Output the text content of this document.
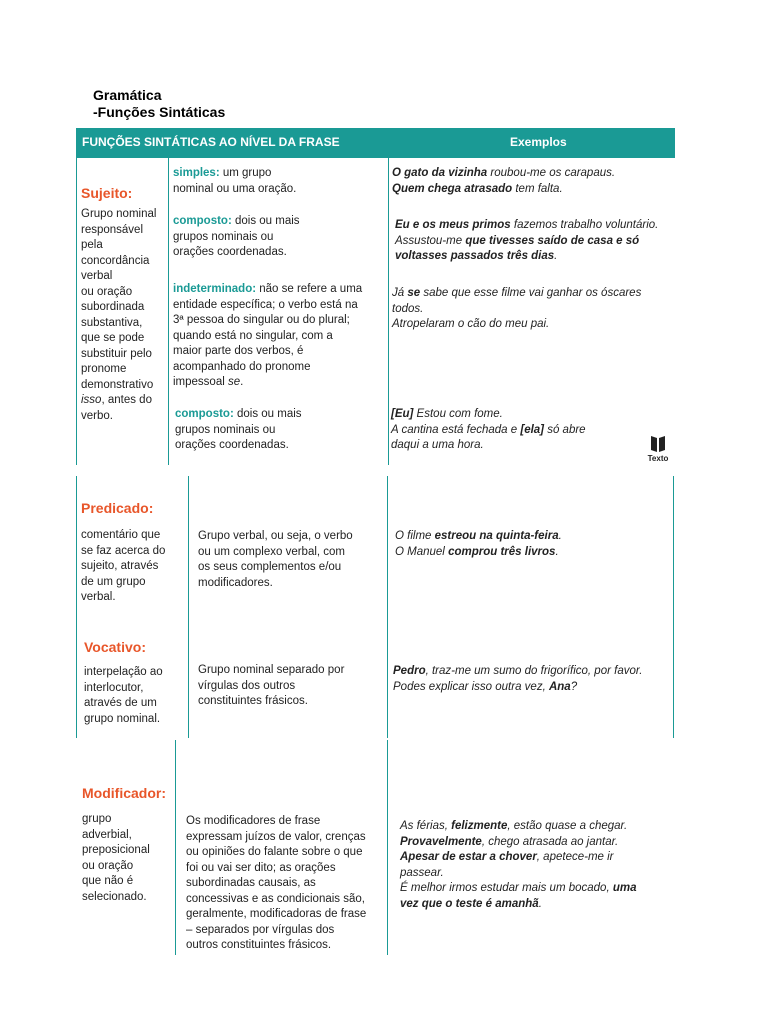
Gramática
-Funções Sintáticas
FUNÇÕES SINTÁTICAS AO NÍVEL DA FRASE	Exemplos
Sujeito:
Grupo nominal
responsável
pela
concordância
verbal
ou oração
subordinada
substantiva,
que se pode
substituir pelo
pronome
demonstrativo
isso, antes do
verbo.
simples: um grupo
nominal ou uma oração.
composto: dois ou mais
grupos nominais ou
orações coordenadas.
indeterminado: não se refere a uma
entidade específica; o verbo está na
3ª pessoa do singular ou do plural;
quando está no singular, com a
maior parte dos verbos, é
acompanhado do pronome
impessoal se.
composto: dois ou mais
grupos nominais ou
orações coordenadas.
O gato da vizinha roubou-me os carapaus.
Quem chega atrasado tem falta.
Eu e os meus primos fazemos trabalho voluntário.
Assustou-me que tivesses saído de casa e só
voltasses passados três dias.
Já se sabe que esse filme vai ganhar os óscares
todos.
Atropelaram o cão do meu pai.
[Eu] Estou com fome.
A cantina está fechada e [ela] só abre
daqui a uma hora.
Texto
Predicado:
comentário que
se faz acerca do
sujeito, através
de um grupo
verbal.
Grupo verbal, ou seja, o verbo
ou um complexo verbal, com
os seus complementos e/ou
modificadores.
O filme estreou na quinta-feira.
O Manuel comprou três livros.
Vocativo:
interpelação ao
interlocutor,
através de um
grupo nominal.
Grupo nominal separado por
vírgulas dos outros
constituintes frásicos.
Pedro, traz-me um sumo do frigorífico, por favor.
Podes explicar isso outra vez, Ana?
Modificador:
grupo
adverbial,
preposicional
ou oração
que não é
selecionado.
Os modificadores de frase
expressam juízos de valor, crenças
ou opiniões do falante sobre o que
foi ou vai ser dito; as orações
subordinadas causais, as
concessivas e as condicionais são,
geralmente, modificadoras de frase
– separados por vírgulas dos
outros constituintes frásicos.
As férias, felizmente, estão quase a chegar.
Provavelmente, chego atrasada ao jantar.
Apesar de estar a chover, apetece-me ir
passear.
É melhor irmos estudar mais um bocado, uma
vez que o teste é amanhã.
